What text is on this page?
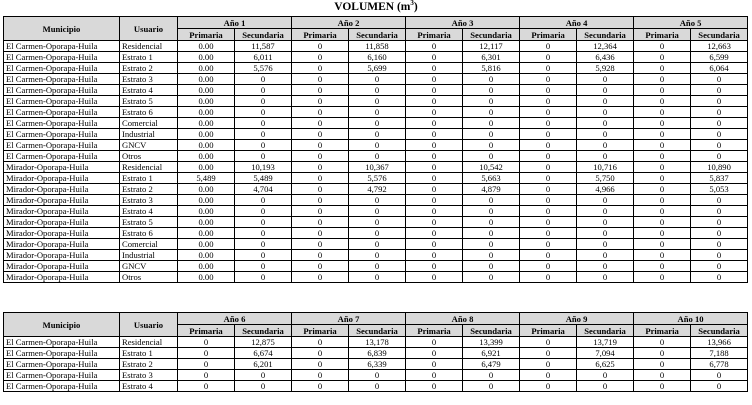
VOLUMEN $(m^3)$
Municipio	Usuario	Año 1		Año 2		Año 3		Año 4		Año 5	
		Primaria	Secundaria	Primaria	Secundaria	Primaria	Secundaria	Primaria	Secundaria	Primaria	Secundaria
El Carmen-Oporapa-Huila	Residencial	0.00	11,587	0	11,858	0	12,117	0	12,364	0	12,663
El Carmen-Oporapa-Huila	Estrato 1	0.00	6,011	0	6,160	0	6,301	0	6,436	0	6,599
El Carmen-Oporapa-Huila	Estrato 2	0.00	5,576	0	5,699	0	5,816	0	5,928	0	6,064
El Carmen-Oporapa-Huila	Estrato 3	0.00	0	0	0	0	0	0	0	0	0
El Carmen-Oporapa-Huila	Estrato 4	0.00	0	0	0	0	0	0	0	0	0
El Carmen-Oporapa-Huila	Estrato 5	0.00	0	0	0	0	0	0	0	0	0
El Carmen-Oporapa-Huila	Estrato 6	0.00	0	0	0	0	0	0	0	0	0
El Carmen-Oporapa-Huila	Comercial	0.00	0	0	0	0	0	0	0	0	0
El Carmen-Oporapa-Huila	Industrial	0.00	0	0	0	0	0	0	0	0	0
El Carmen-Oporapa-Huila	GNCV	0.00	0	0	0	0	0	0	0	0	0
El Carmen-Oporapa-Huila	Otros	0.00	0	0	0	0	0	0	0	0	0
Mirador-Oporapa-Huila	Residencial	0.00	10,193	0	10,367	0	10,542	0	10,716	0	10,890
Mirador-Oporapa-Huila	Estrato 1	5,489	5,489	0	5,576	0	5,663	0	5,750	0	5,837
Mirador-Oporapa-Huila	Estrato 2	0.00	4,704	0	4,792	0	4,879	0	4,966	0	5,053
Mirador-Oporapa-Huila	Estrato 3	0.00	0	0	0	0	0	0	0	0	0
Mirador-Oporapa-Huila	Estrato 4	0.00	0	0	0	0	0	0	0	0	0
Mirador-Oporapa-Huila	Estrato 5	0.00	0	0	0	0	0	0	0	0	0
Mirador-Oporapa-Huila	Estrato 6	0.00	0	0	0	0	0	0	0	0	0
Mirador-Oporapa-Huila	Comercial	0.00	0	0	0	0	0	0	0	0	0
Mirador-Oporapa-Huila	Industrial	0.00	0	0	0	0	0	0	0	0	0
Mirador-Oporapa-Huila	GNCV	0.00	0	0	0	0	0	0	0	0	0
Mirador-Oporapa-Huila	Otros	0.00	0	0	0	0	0	0	0	0	0
Municipio	Usuario	Año 6		Año 7		Año 8		Año 9		Año 10	
		Primaria	Secundaria	Primaria	Secundaria	Primaria	Secundaria	Primaria	Secundaria	Primaria	Secundaria
El Carmen-Oporapa-Huila	Residencial	0	12,875	0	13,178	0	13,399	0	13,719	0	13,966
El Carmen-Oporapa-Huila	Estrato 1	0	6,674	0	6,839	0	6,921	0	7,094	0	7,188
El Carmen-Oporapa-Huila	Estrato 2	0	6,201	0	6,339	0	6,479	0	6,625	0	6,778
El Carmen-Oporapa-Huila	Estrato 3	0	0	0	0	0	0	0	0	0	0
El Carmen-Oporapa-Huila	Estrato 4	0	0	0	0	0	0	0	0	0	0
